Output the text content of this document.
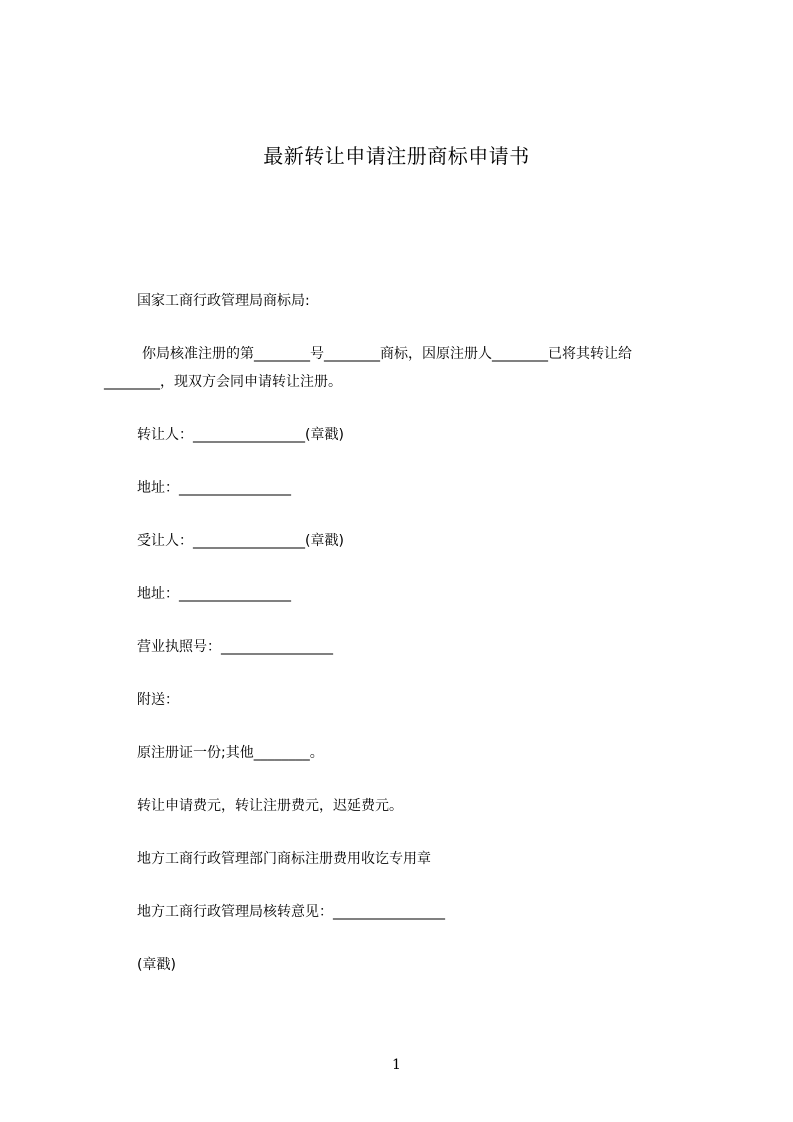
最新转让申请注册商标申请书
国家工商行政管理局商标局:
你局核准注册的第________号________商标，因原注册人________已将其转让给
________，现双方会同申请转让注册。
转让人：________________(章戳)
地址：________________
受让人：________________(章戳)
地址：________________
营业执照号：________________
附送：
原注册证一份;其他________。
转让申请费元，转让注册费元，迟延费元。
地方工商行政管理部门商标注册费用收讫专用章
地方工商行政管理局核转意见：________________
(章戳)
1
